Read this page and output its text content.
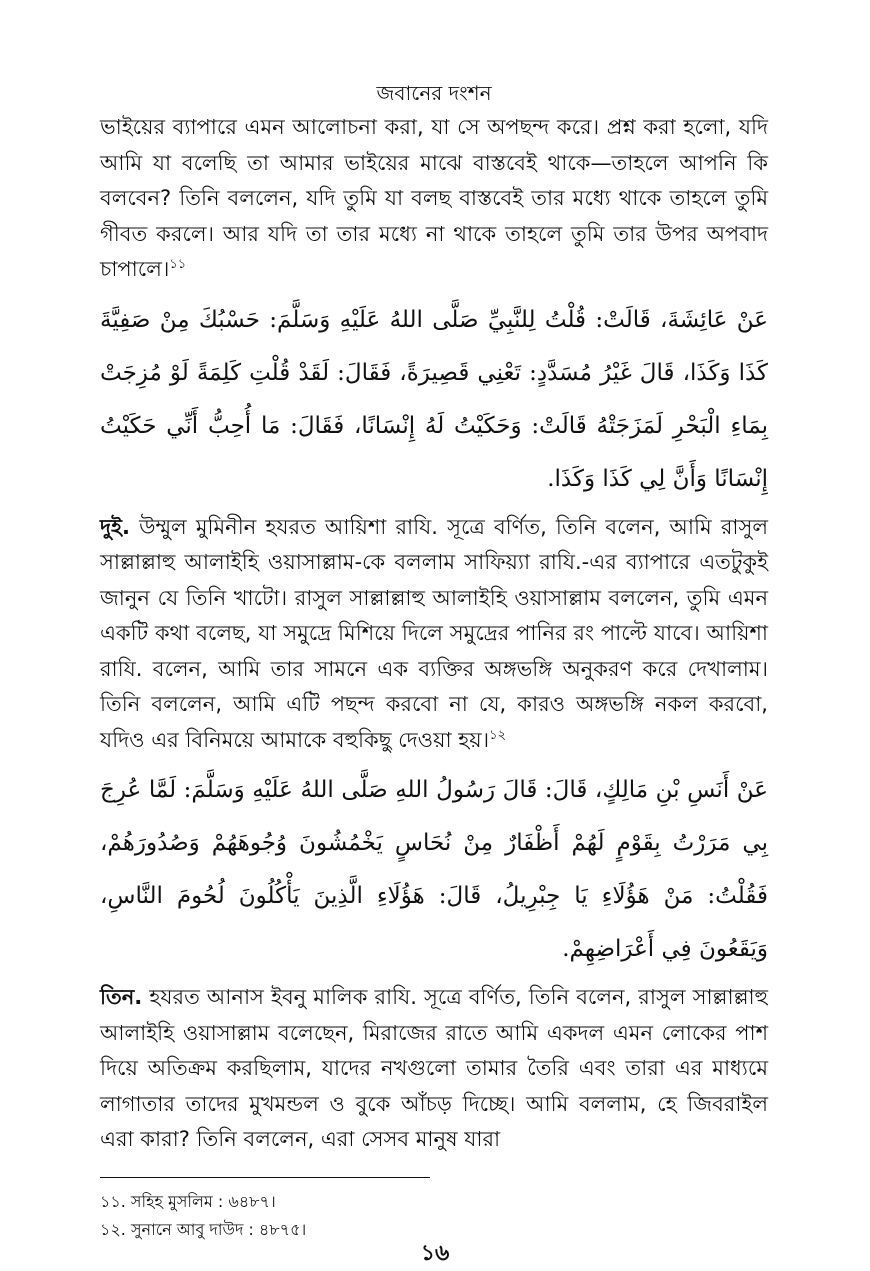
জবানের দংশন

ভাইয়ের ব্যাপারে এমন আলোচনা করা, যা সে অপছন্দ করে। প্রশ্ন করা হলো, যদি আমি যা বলেছি তা আমার ভাইয়ের মাঝে বাস্তবেই থাকে—তাহলে আপনি কি বলবেন? তিনি বললেন, যদি তুমি যা বলছ বাস্তবেই তার মধ্যে থাকে তাহলে তুমি গীবত করলে। আর যদি তা তার মধ্যে না থাকে তাহলে তুমি তার উপর অপবাদ চাপালে।$^{১১}$

عَنْ عَائِشَةَ، قَالَتْ: قُلْتُ لِلنَّبِيِّ صَلَّى اللهُ عَلَيْهِ وَسَلَّمَ: حَسْبُكَ مِنْ صَفِيَّةَ كَذَا وَكَذَا، قَالَ غَيْرُ مُسَدَّدٍ: تَعْنِي قَصِيرَةً، فَقَالَ: لَقَدْ قُلْتِ كَلِمَةً لَوْ مُزِجَتْ بِمَاءِ الْبَحْرِ لَمَزَجَتْهُ قَالَتْ: وَحَكَيْتُ لَهُ إِنْسَانًا، فَقَالَ: مَا أُحِبُّ أَنِّي حَكَيْتُ إِنْسَانًا وَأَنَّ لِي كَذَا وَكَذَا.

দুই. উম্মুল মুমিনীন হযরত আয়িশা রাযি. সূত্রে বর্ণিত, তিনি বলেন, আমি রাসুল সাল্লাল্লাহু আলাইহি ওয়াসাল্লাম-কে বললাম সাফিয়্যা রাযি.-এর ব্যাপারে এতটুকুই জানুন যে তিনি খাটো। রাসুল সাল্লাল্লাহু আলাইহি ওয়াসাল্লাম বললেন, তুমি এমন একটি কথা বলেছ, যা সমুদ্রে মিশিয়ে দিলে সমুদ্রের পানির রং পাল্টে যাবে। আয়িশা রাযি. বলেন, আমি তার সামনে এক ব্যক্তির অঙ্গভঙ্গি অনুকরণ করে দেখালাম। তিনি বললেন, আমি এটি পছন্দ করবো না যে, কারও অঙ্গভঙ্গি নকল করবো, যদিও এর বিনিময়ে আমাকে বহুকিছু দেওয়া হয়।$^{১২}$

عَنْ أَنَسِ بْنِ مَالِكٍ، قَالَ: قَالَ رَسُولُ اللهِ صَلَّى اللهُ عَلَيْهِ وَسَلَّمَ: لَمَّا عُرِجَ بِي مَرَرْتُ بِقَوْمٍ لَهُمْ أَظْفَارٌ مِنْ نُحَاسٍ يَخْمُشُونَ وُجُوهَهُمْ وَصُدُورَهُمْ، فَقُلْتُ: مَنْ هَؤُلَاءِ يَا جِبْرِيلُ، قَالَ: هَؤُلَاءِ الَّذِينَ يَأْكُلُونَ لُحُومَ النَّاسِ، وَيَقَعُونَ فِي أَعْرَاضِهِمْ.

তিন. হযরত আনাস ইবনু মালিক রাযি. সূত্রে বর্ণিত, তিনি বলেন, রাসুল সাল্লাল্লাহু আলাইহি ওয়াসাল্লাম বলেছেন, মিরাজের রাতে আমি একদল এমন লোকের পাশ দিয়ে অতিক্রম করছিলাম, যাদের নখগুলো তামার তৈরি এবং তারা এর মাধ্যমে লাগাতার তাদের মুখমন্ডল ও বুকে আঁচড় দিচ্ছে। আমি বললাম, হে জিবরাইল এরা কারা? তিনি বললেন, এরা সেসব মানুষ যারা

১১. সহিহ মুসলিম : ৬৪৮৭।
১২. সুনানে আবু দাউদ : ৪৮৭৫।
১৬
